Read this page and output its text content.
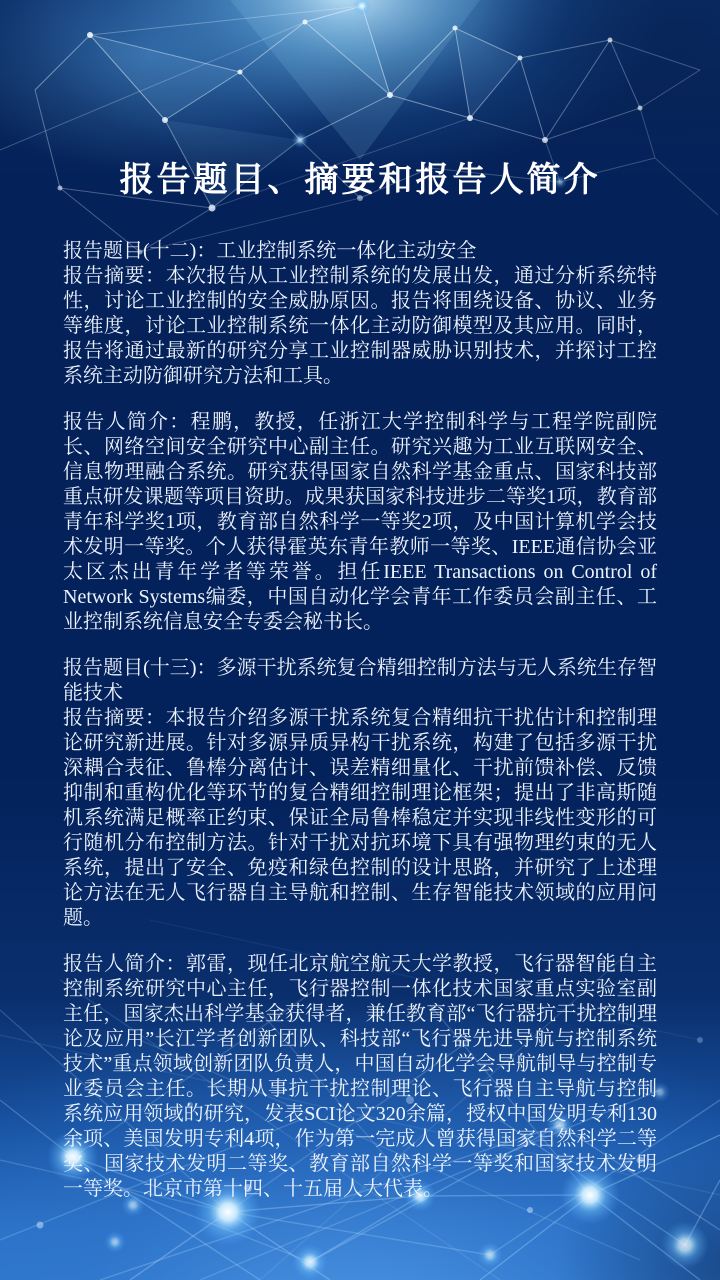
报告题目、摘要和报告人简介

报告题目(十二)：工业控制系统一体化主动安全

报告摘要：本次报告从工业控制系统的发展出发，通过分析系统特性，讨论工业控制的安全威胁原因。报告将围绕设备、协议、业务等维度，讨论工业控制系统一体化主动防御模型及其应用。同时，报告将通过最新的研究分享工业控制器威胁识别技术，并探讨工控系统主动防御研究方法和工具。

报告人简介：程鹏，教授，任浙江大学控制科学与工程学院副院长、网络空间安全研究中心副主任。研究兴趣为工业互联网安全、信息物理融合系统。研究获得国家自然科学基金重点、国家科技部重点研发课题等项目资助。成果获国家科技进步二等奖1项，教育部青年科学奖1项，教育部自然科学一等奖2项，及中国计算机学会技术发明一等奖。个人获得霍英东青年教师一等奖、IEEE通信协会亚太区杰出青年学者等荣誉。担任IEEE Transactions on Control of Network Systems编委，中国自动化学会青年工作委员会副主任、工业控制系统信息安全专委会秘书长。

报告题目(十三)：多源干扰系统复合精细控制方法与无人系统生存智能技术

报告摘要：本报告介绍多源干扰系统复合精细抗干扰估计和控制理论研究新进展。针对多源异质异构干扰系统，构建了包括多源干扰深耦合表征、鲁棒分离估计、误差精细量化、干扰前馈补偿、反馈抑制和重构优化等环节的复合精细控制理论框架；提出了非高斯随机系统满足概率正约束、保证全局鲁棒稳定并实现非线性变形的可行随机分布控制方法。针对干扰对抗环境下具有强物理约束的无人系统，提出了安全、免疫和绿色控制的设计思路，并研究了上述理论方法在无人飞行器自主导航和控制、生存智能技术领域的应用问题。

报告人简介：郭雷，现任北京航空航天大学教授，飞行器智能自主控制系统研究中心主任，飞行器控制一体化技术国家重点实验室副主任，国家杰出科学基金获得者，兼任教育部“飞行器抗干扰控制理论及应用”长江学者创新团队、科技部“飞行器先进导航与控制系统技术”重点领域创新团队负责人，中国自动化学会导航制导与控制专业委员会主任。长期从事抗干扰控制理论、飞行器自主导航与控制系统应用领域的研究，发表SCI论文320余篇，授权中国发明专利130余项、美国发明专利4项，作为第一完成人曾获得国家自然科学二等奖、国家技术发明二等奖、教育部自然科学一等奖和国家技术发明一等奖。北京市第十四、十五届人大代表。
